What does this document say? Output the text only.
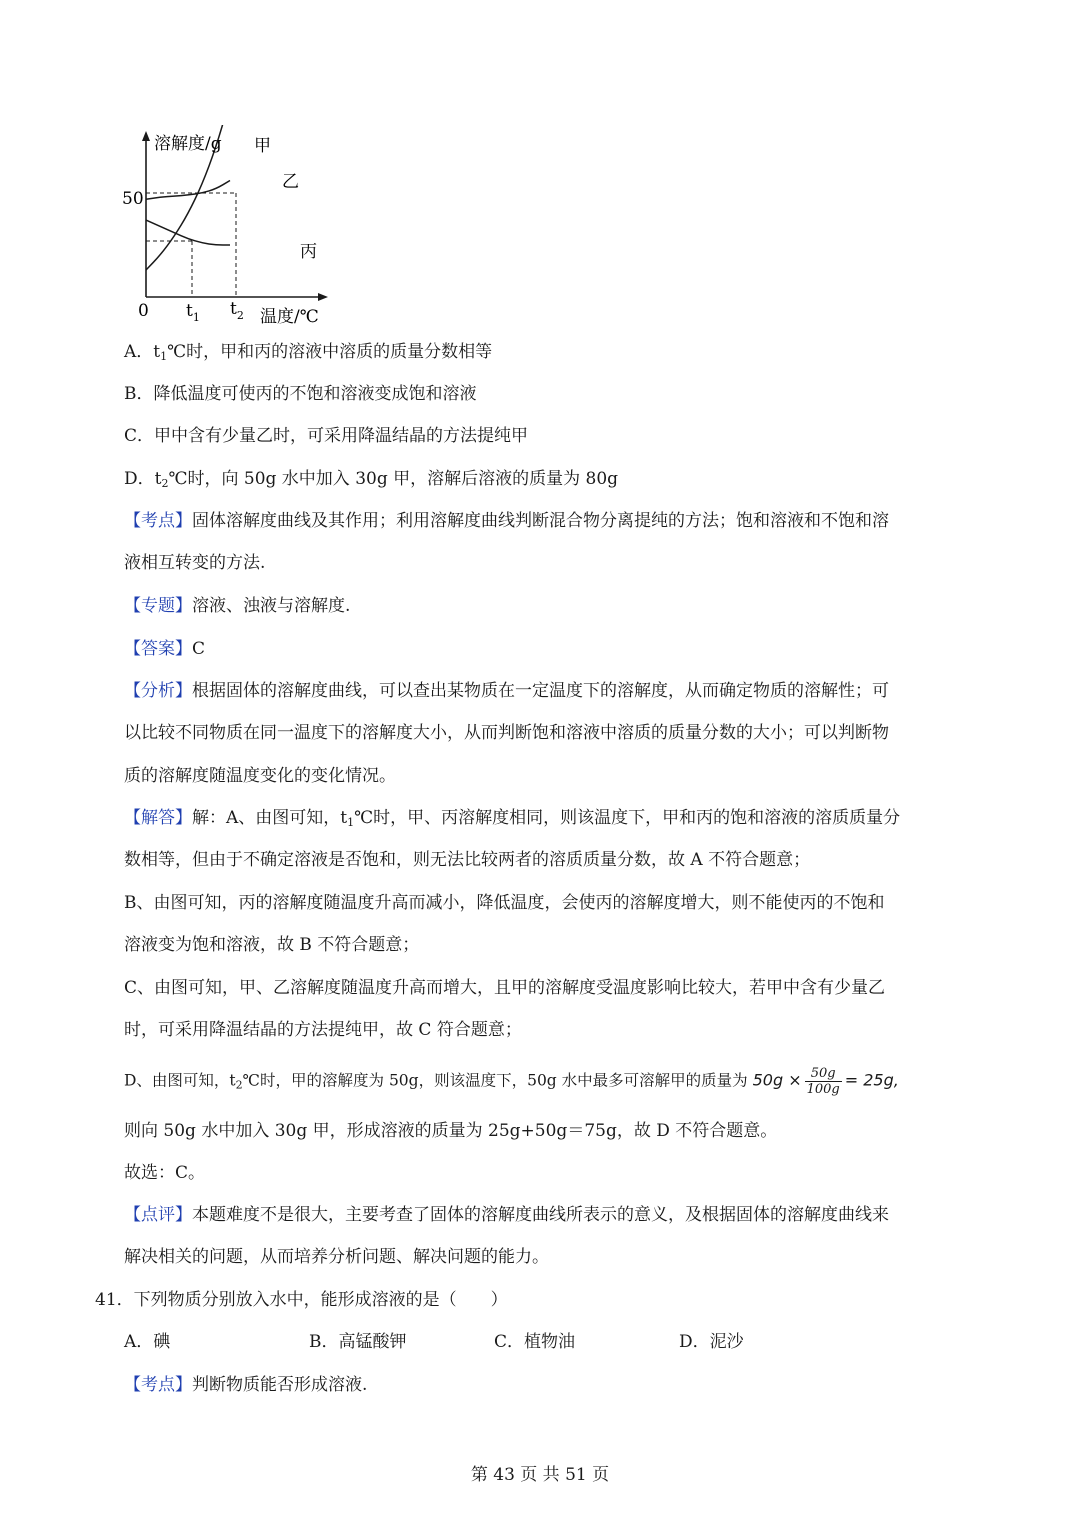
溶解度/g
温度/℃
0
50
$t_1$ $t_2$
甲
乙
丙
A．$t_1℃$时，甲和丙的溶液中溶质的质量分数相等
B．降低温度可使丙的不饱和溶液变成饱和溶液
C．甲中含有少量乙时，可采用降温结晶的方法提纯甲
D．$t_2℃$时，向 50g 水中加入 30g 甲，溶解后溶液的质量为 80g
【考点】固体溶解度曲线及其作用；利用溶解度曲线判断混合物分离提纯的方法；饱和溶液和不饱和溶
液相互转变的方法.
【专题】溶液、浊液与溶解度.
【答案】C
【分析】根据固体的溶解度曲线，可以查出某物质在一定温度下的溶解度，从而确定物质的溶解性；可
以比较不同物质在同一温度下的溶解度大小，从而判断饱和溶液中溶质的质量分数的大小；可以判断物
质的溶解度随温度变化的变化情况。
【解答】解：A、由图可知，$t_1℃$时，甲、丙溶解度相同，则该温度下，甲和丙的饱和溶液的溶质质量分
数相等，但由于不确定溶液是否饱和，则无法比较两者的溶质质量分数，故 A 不符合题意；
B、由图可知，丙的溶解度随温度升高而减小，降低温度，会使丙的溶解度增大，则不能使丙的不饱和
溶液变为饱和溶液，故 B 不符合题意；
C、由图可知，甲、乙溶解度随温度升高而增大，且甲的溶解度受温度影响比较大，若甲中含有少量乙
时，可采用降温结晶的方法提纯甲，故 C 符合题意；
D、由图可知，$t_2℃$时，甲的溶解度为 50g，则该温度下，50g 水中最多可溶解甲的质量为 $50g \times \frac{50g}{100g} = 25g$,
则向 50g 水中加入 30g 甲，形成溶液的质量为 25g+50g＝75g，故 D 不符合题意。
故选：C。
【点评】本题难度不是很大，主要考查了固体的溶解度曲线所表示的意义，及根据固体的溶解度曲线来
解决相关的问题，从而培养分析问题、解决问题的能力。
41．下列物质分别放入水中，能形成溶液的是（　　）
A．碘	B．高锰酸钾	C．植物油	D．泥沙
【考点】判断物质能否形成溶液.
第 43 页 共 51 页
